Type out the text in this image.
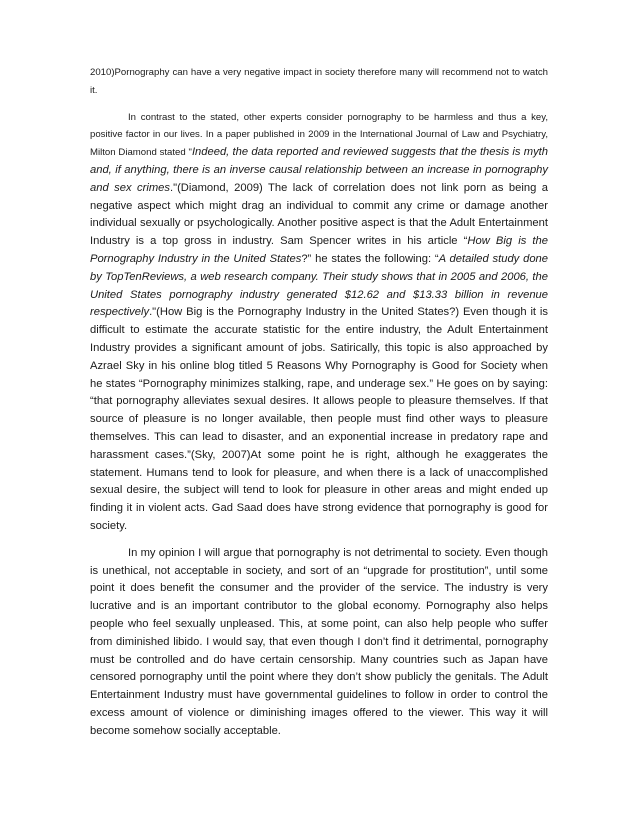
2010)Pornography can have a very negative impact in society therefore many will recommend not to watch it.

In contrast to the stated, other experts consider pornography to be harmless and thus a key, positive factor in our lives. In a paper published in 2009 in the International Journal of Law and Psychiatry, Milton Diamond stated "Indeed, the data reported and reviewed suggests that the thesis is myth and, if anything, there is an inverse causal relationship between an increase in pornography and sex crimes."(Diamond, 2009) The lack of correlation does not link porn as being a negative aspect which might drag an individual to commit any crime or damage another individual sexually or psychologically. Another positive aspect is that the Adult Entertainment Industry is a top gross in industry. Sam Spencer writes in his article “How Big is the Pornography Industry in the United States?” he states the following: “A detailed study done by TopTenReviews, a web research company. Their study shows that in 2005 and 2006, the United States pornography industry generated $12.62 and $13.33 billion in revenue respectively."(How Big is the Pornography Industry in the United States?) Even though it is difficult to estimate the accurate statistic for the entire industry, the Adult Entertainment Industry provides a significant amount of jobs. Satirically, this topic is also approached by Azrael Sky in his online blog titled 5 Reasons Why Pornography is Good for Society when he states “Pornography minimizes stalking, rape, and underage sex.” He goes on by saying: “that pornography alleviates sexual desires. It allows people to pleasure themselves. If that source of pleasure is no longer available, then people must find other ways to pleasure themselves. This can lead to disaster, and an exponential increase in predatory rape and harassment cases.”(Sky, 2007)At some point he is right, although he exaggerates the statement. Humans tend to look for pleasure, and when there is a lack of unaccomplished sexual desire, the subject will tend to look for pleasure in other areas and might ended up finding it in violent acts. Gad Saad does have strong evidence that pornography is good for society.

In my opinion I will argue that pornography is not detrimental to society. Even though is unethical, not acceptable in society, and sort of an “upgrade for prostitution”, until some point it does benefit the consumer and the provider of the service. The industry is very lucrative and is an important contributor to the global economy. Pornography also helps people who feel sexually unpleased. This, at some point, can also help people who suffer from diminished libido. I would say, that even though I don’t find it detrimental, pornography must be controlled and do have certain censorship. Many countries such as Japan have censored pornography until the point where they don’t show publicly the genitals. The Adult Entertainment Industry must have governmental guidelines to follow in order to control the excess amount of violence or diminishing images offered to the viewer. This way it will become somehow socially acceptable.
